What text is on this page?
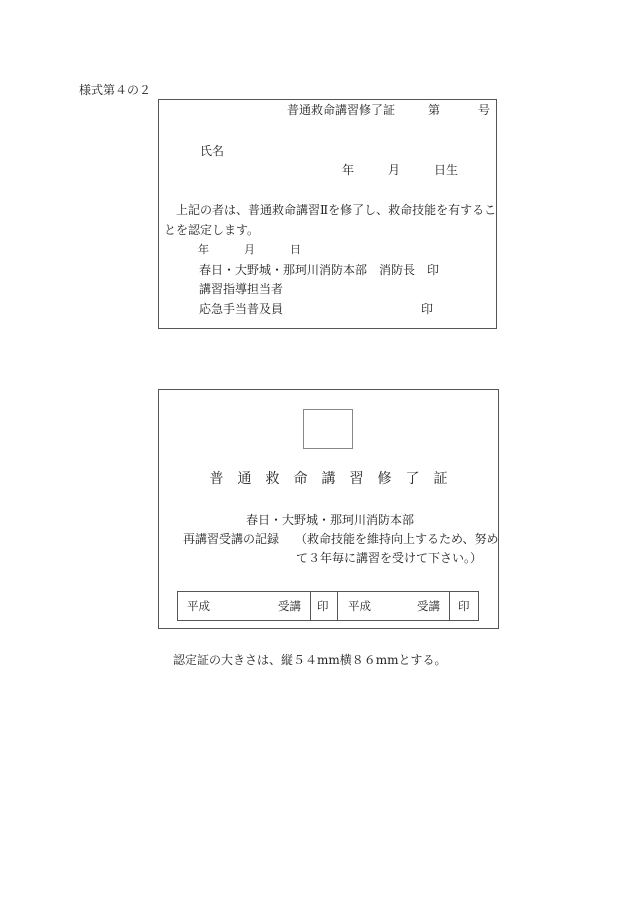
様式第４の２
普通救命講習修了証	第	号
氏名
年	月	日生
上記の者は、普通救命講習Ⅱを修了し、救命技能を有するこ
とを認定します。
年	月	日
春日・大野城・那珂川消防本部　消防長　印
講習指導担当者
応急手当普及員	印
普通救命講習修了証
春日・大野城・那珂川消防本部
再講習受講の記録 （救命技能を維持向上するため、努め
て３年毎に講習を受けて下さい。）
平成	受講 印 平成	受講 印
認定証の大きさは、縦５４mm横８６mmとする。
